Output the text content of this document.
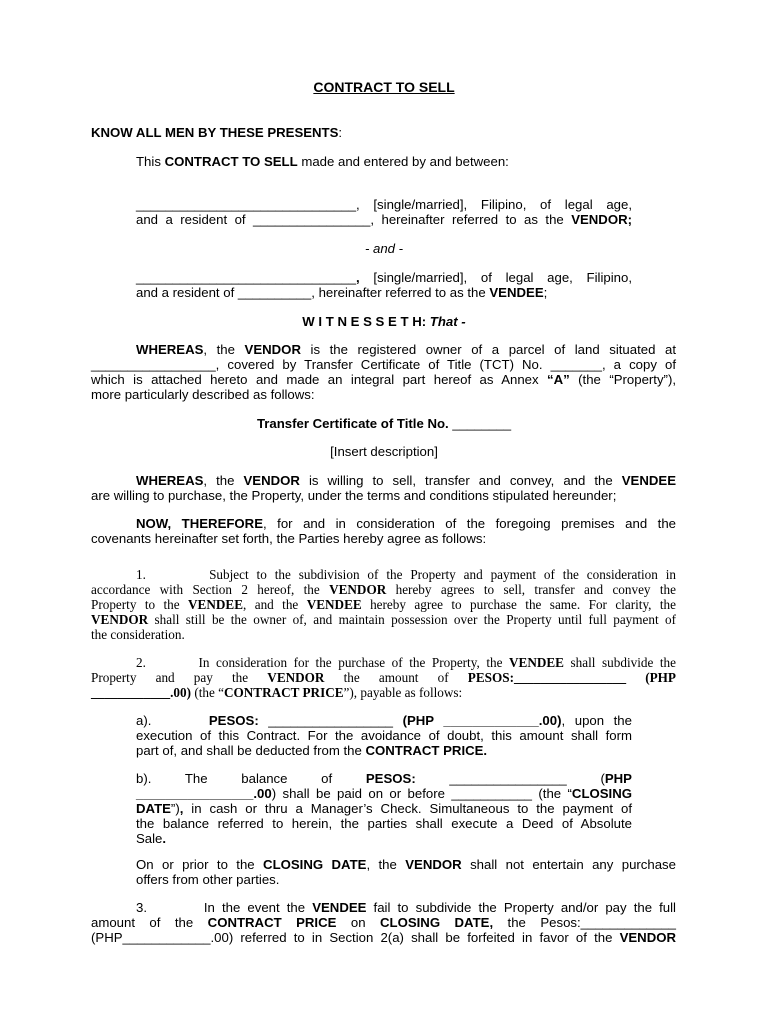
CONTRACT TO SELL
KNOW ALL MEN BY THESE PRESENTS:
This CONTRACT TO SELL made and entered by and between:
______________________________, [single/married], Filipino, of legal age,
and a resident of ________________, hereinafter referred to as the VENDOR;
- and -
______________________________, [single/married], of legal age, Filipino,
and a resident of __________, hereinafter referred to as the VENDEE;
W I T N E S S E T H: That -
WHEREAS, the VENDOR is the registered owner of a parcel of land situated at
_________________, covered by Transfer Certificate of Title (TCT) No. _______, a copy of
which is attached hereto and made an integral part hereof as Annex “A” (the “Property”),
more particularly described as follows:
Transfer Certificate of Title No. ________
[Insert description]
WHEREAS, the VENDOR is willing to sell, transfer and convey, and the VENDEE
are willing to purchase, the Property, under the terms and conditions stipulated hereunder;
NOW, THEREFORE, for and in consideration of the foregoing premises and the
covenants hereinafter set forth, the Parties hereby agree as follows:
1.        Subject to the subdivision of the Property and payment of the consideration in
accordance with Section 2 hereof, the VENDOR hereby agrees to sell, transfer and convey the
Property to the VENDEE, and the VENDEE hereby agree to purchase the same. For clarity, the
VENDOR shall still be the owner of, and maintain possession over the Property until full payment of
the consideration.
2.        In consideration for the purchase of the Property, the VENDEE shall subdivide the
Property and pay the VENDOR the amount of PESOS:_________________ (PHP
____________.00) (the “CONTRACT PRICE”), payable as follows:
a).      PESOS: _________________ (PHP _____________.00), upon the
execution of this Contract. For the avoidance of doubt, this amount shall form
part of, and shall be deducted from the CONTRACT PRICE.
b).      The      balance      of      PESOS:      ________________      (PHP
________________.00) shall be paid on or before ___________ (the “CLOSING
DATE”), in cash or thru a Manager’s Check. Simultaneous to the payment of
the balance referred to herein, the parties shall execute a Deed of Absolute
Sale.
On or prior to the CLOSING DATE, the VENDOR shall not entertain any purchase
offers from other parties.
3.        In the event the VENDEE fail to subdivide the Property and/or pay the full
amount of the CONTRACT PRICE on CLOSING DATE, the Pesos:_____________
(PHP____________.00) referred to in Section 2(a) shall be forfeited in favor of the VENDOR
